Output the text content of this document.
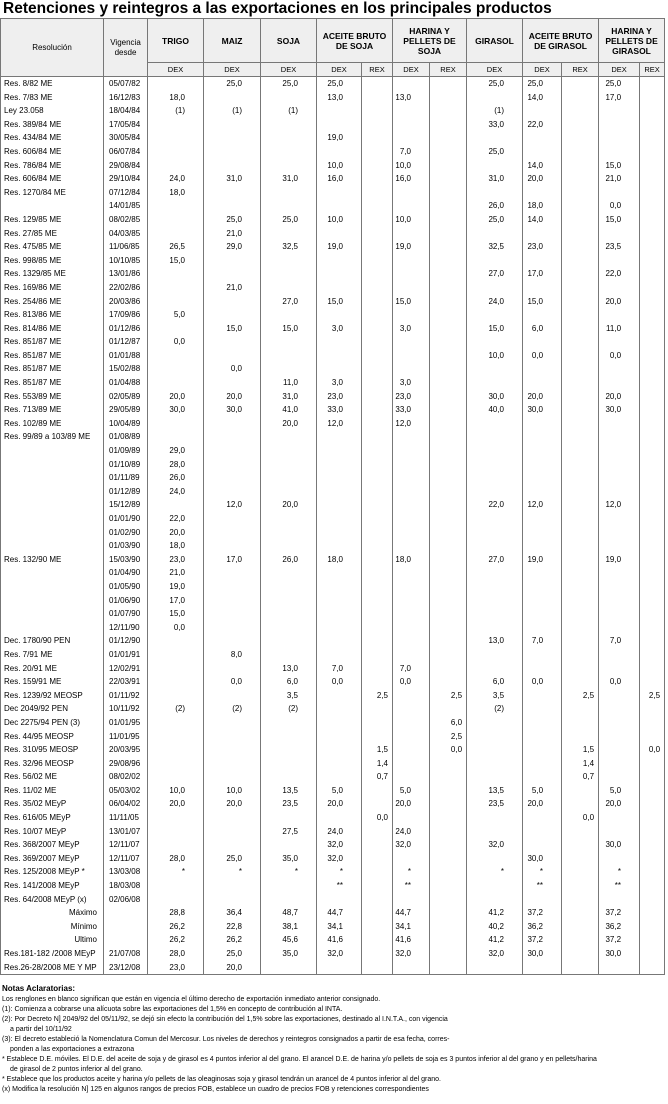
Retenciones y reintegros a las exportaciones en los principales productos
Resolución	Vigencia desde	TRIGO	MAIZ	SOJA	ACEITE BRUTO DE SOJA		HARINA Y PELLETS DE SOJA		GIRASOL	ACEITE BRUTO DE GIRASOL		HARINA Y PELLETS DE GIRASOL	
		DEX	DEX	DEX	DEX	REX	DEX	REX	DEX	DEX	REX	DEX	REX
Res. 8/82 ME	05/07/82		25,0	25,0	25,0				25,0	25,0		25,0	
Res. 7/83 ME	16/12/83	18,0			13,0		13,0			14,0		17,0	
Ley 23.058	18/04/84	(1)	(1)	(1)					(1)				
Res. 389/84 ME	17/05/84								33,0	22,0			
Res. 434/84 ME	30/05/84				19,0								
Res. 606/84 ME	06/07/84						7,0		25,0				
Res. 786/84 ME	29/08/84				10,0		10,0			14,0		15,0	
Res. 606/84 ME	29/10/84	24,0	31,0	31,0	16,0		16,0		31,0	20,0		21,0	
Res. 1270/84 ME	07/12/84	18,0											
	14/01/85								26,0	18,0		0,0	
Res. 129/85 ME	08/02/85		25,0	25,0	10,0		10,0		25,0	14,0		15,0	
Res. 27/85 ME	04/03/85		21,0										
Res. 475/85 ME	11/06/85	26,5	29,0	32,5	19,0		19,0		32,5	23,0		23,5	
Res. 998/85 ME	10/10/85	15,0											
Res. 1329/85 ME	13/01/86								27,0	17,0		22,0	
Res. 169/86 ME	22/02/86		21,0										
Res. 254/86 ME	20/03/86			27,0	15,0		15,0		24,0	15,0		20,0	
Res. 813/86 ME	17/09/86	5,0											
Res. 814/86 ME	01/12/86		15,0	15,0	3,0		3,0		15,0	6,0		11,0	
Res. 851/87 ME	01/12/87	0,0											
Res. 851/87 ME	01/01/88								10,0	0,0		0,0	
Res. 851/87 ME	15/02/88		0,0										
Res. 851/87 ME	01/04/88			11,0	3,0		3,0						
Res. 553/89 ME	02/05/89	20,0	20,0	31,0	23,0		23,0		30,0	20,0		20,0	
Res. 713/89 ME	29/05/89	30,0	30,0	41,0	33,0		33,0		40,0	30,0		30,0	
Res. 102/89 ME	10/04/89			20,0	12,0		12,0						
Res. 99/89 a 103/89 ME	01/08/89												
	01/09/89	29,0											
	01/10/89	28,0											
	01/11/89	26,0											
	01/12/89	24,0											
	15/12/89		12,0	20,0					22,0	12,0		12,0	
	01/01/90	22,0											
	01/02/90	20,0											
	01/03/90	18,0											
Res. 132/90 ME	15/03/90	23,0	17,0	26,0	18,0		18,0		27,0	19,0		19,0	
	01/04/90	21,0											
	01/05/90	19,0											
	01/06/90	17,0											
	01/07/90	15,0											
	12/11/90	0,0											
Dec. 1780/90 PEN	01/12/90								13,0	7,0		7,0	
Res. 7/91 ME	01/01/91		8,0										
Res. 20/91 ME	12/02/91			13,0	7,0		7,0						
Res. 159/91 ME	22/03/91		0,0	6,0	0,0		0,0		6,0	0,0		0,0	
Res. 1239/92 MEOSP	01/11/92			3,5		2,5		2,5	3,5		2,5		2,5
Dec 2049/92 PEN	10/11/92	(2)	(2)	(2)					(2)				
Dec 2275/94 PEN (3)	01/01/95							6,0					
Res. 44/95 MEOSP	11/01/95							2,5					
Res. 310/95 MEOSP	20/03/95					1,5		0,0			1,5		0,0
Res. 32/96 MEOSP	29/08/96					1,4					1,4		
Res. 56/02 ME	08/02/02					0,7					0,7		
Res. 11/02 ME	05/03/02	10,0	10,0	13,5	5,0		5,0		13,5	5,0		5,0	
Res. 35/02 MEyP	06/04/02	20,0	20,0	23,5	20,0		20,0		23,5	20,0		20,0	
Res. 616/05 MEyP	11/11/05					0,0					0,0		
Res. 10/07 MEyP	13/01/07			27,5	24,0		24,0						
Res. 368/2007 MEyP	12/11/07				32,0		32,0		32,0			30,0	
Res. 369/2007 MEyP	12/11/07	28,0	25,0	35,0	32,0					30,0			
Res. 125/2008 MEyP *	13/03/08	*	*	*	*		*		*	*		*	
Res. 141/2008 MEyP	18/03/08				**		**			**		**	
Res. 64/2008 MEyP (x)	02/06/08												
Máximo		28,8	36,4	48,7	44,7		44,7		41,2	37,2		37,2	
Mínimo		26,2	22,8	38,1	34,1		34,1		40,2	36,2		36,2	
Ultimo		26,2	26,2	45,6	41,6		41,6		41,2	37,2		37,2	
Res.181-182 /2008 MEyP	21/07/08	28,0	25,0	35,0	32,0		32,0		32,0	30,0		30,0	
Res.26-28/2008 ME Y MP	23/12/08	23,0	20,0										
Notas Aclaratorias:
Los renglones en blanco significan que están en vigencia el último derecho de exportación inmediato anterior consignado.
(1): Comienza a cobrarse una alícuota sobre las exportaciones del 1,5% en concepto de contribución al INTA.
(2): Por Decreto N] 2049/92 del 05/11/92, se dejó sin efecto la contribución del 1,5% sobre las exportaciones, destinado al I.N.T.A., con vigencia
a partir del 10/11/92
(3): El decreto estableció la Nomenclatura Comun del Mercosur. Los niveles de derechos y reintegros consignados a partir de esa fecha, corres-
ponden a las exportaciones a extrazona
* Establece D.E. móviles. El D.E. del aceite de soja y de girasol es 4 puntos inferior al del grano. El arancel D.E. de harina y/o pellets de soja es 3 puntos inferior al del grano y en pellets/harina
de girasol de 2 puntos inferior al del grano.
* Establece que los productos aceite y harina y/o pellets de las oleaginosas soja y girasol tendrán un arancel de 4 puntos inferior al del grano.
(x) Modifica la resolución N] 125 en algunos rangos de precios FOB, establece un cuadro de precios FOB y retenciones correspondientes
